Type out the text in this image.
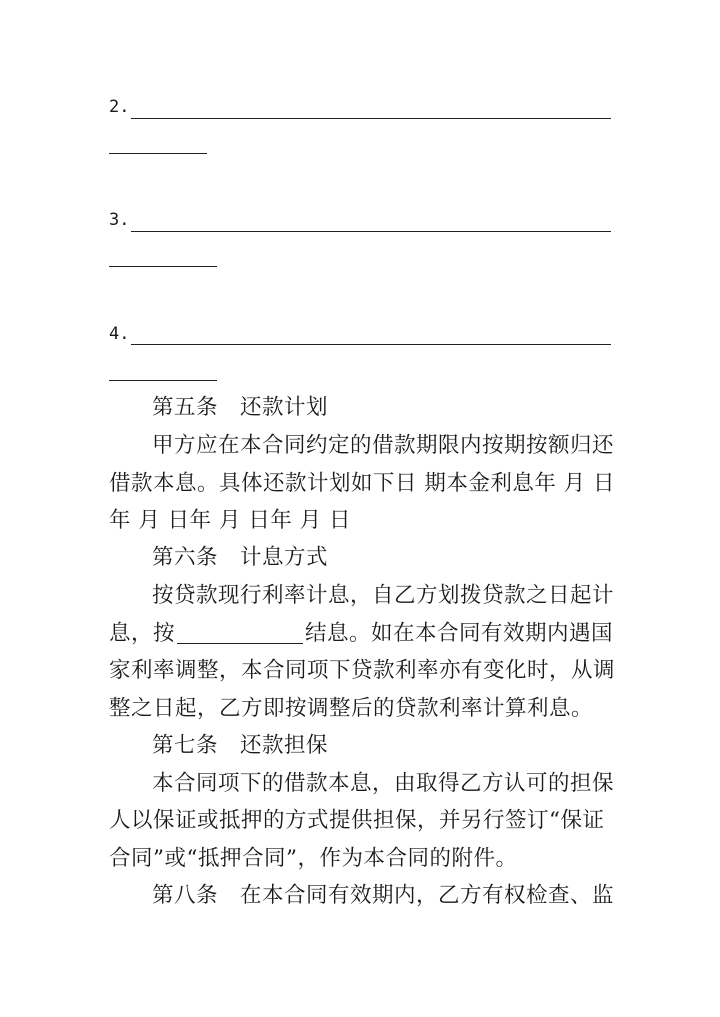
2.
3.
4.
第五条 还款计划
甲方应在本合同约定的借款期限内按期按额归还
借款本息。具体还款计划如下日 期本金利息年 月 日
年 月 日年 月 日年 月 日
第六条 计息方式
按贷款现行利率计息，自乙方划拨贷款之日起计
息，按	结息。如在本合同有效期内遇国
家利率调整，本合同项下贷款利率亦有变化时，从调
整之日起，乙方即按调整后的贷款利率计算利息。
第七条 还款担保
本合同项下的借款本息，由取得乙方认可的担保
人以保证或抵押的方式提供担保，并另行签订“保证
合同”或“抵押合同”，作为本合同的附件。
第八条 在本合同有效期内，乙方有权检查、监
